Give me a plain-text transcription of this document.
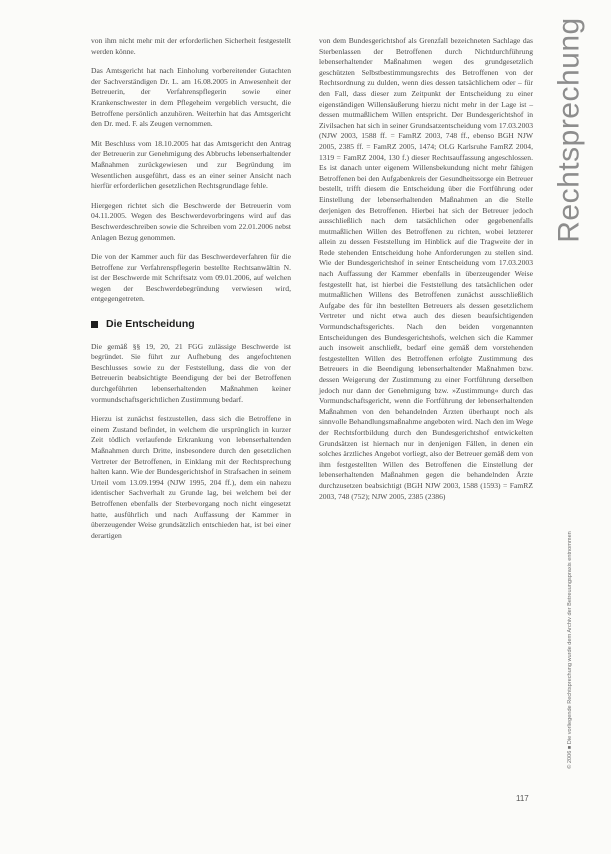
Rechtsprechung

von ihm nicht mehr mit der erforderlichen Sicherheit festgestellt werden könne.

Das Amtsgericht hat nach Einholung vorbereitender Gutachten der Sachverständigen Dr. L. am 16.08.2005 in Anwesenheit der Betreuerin, der Verfahrenspflegerin sowie einer Krankenschwester in dem Pflegeheim vergeblich versucht, die Betroffene persönlich anzuhören. Weiterhin hat das Amtsgericht den Dr. med. F. als Zeugen vernommen.

Mit Beschluss vom 18.10.2005 hat das Amtsgericht den Antrag der Betreuerin zur Genehmigung des Abbruchs lebenserhaltender Maßnahmen zurückgewiesen und zur Begründung im Wesentlichen ausgeführt, dass es an einer seiner Ansicht nach hierfür erforderlichen gesetzlichen Rechtsgrundlage fehle.

Hiergegen richtet sich die Beschwerde der Betreuerin vom 04.11.2005. Wegen des Beschwerdevorbringens wird auf das Beschwerdeschreiben sowie die Schreiben vom 22.01.2006 nebst Anlagen Bezug genommen.

Die von der Kammer auch für das Beschwerdeverfahren für die Betroffene zur Verfahrenspflegerin bestellte Rechtsanwältin N. ist der Beschwerde mit Schriftsatz vom 09.01.2006, auf welchen wegen der Beschwerdebegründung verwiesen wird, entgegengetreten.

Die Entscheidung

Die gemäß §§ 19, 20, 21 FGG zulässige Beschwerde ist begründet. Sie führt zur Aufhebung des angefochtenen Beschlusses sowie zu der Feststellung, dass die von der Betreuerin beabsichtigte Beendigung der bei der Betroffenen durchgeführten lebenserhaltenden Maßnahmen keiner vormundschaftsgerichtlichen Zustimmung bedarf.

Hierzu ist zunächst festzustellen, dass sich die Betroffene in einem Zustand befindet, in welchem die ursprünglich in kurzer Zeit tödlich verlaufende Erkrankung von lebenserhaltenden Maßnahmen durch Dritte, insbesondere durch den gesetzlichen Vertreter der Betroffenen, in Einklang mit der Rechtsprechung halten kann. Wie der Bundesgerichtshof in Strafsachen in seinem Urteil vom 13.09.1994 (NJW 1995, 204 ff.), dem ein nahezu identischer Sachverhalt zu Grunde lag, bei welchem bei der Betroffenen ebenfalls der Sterbevorgang noch nicht eingesetzt hatte, ausführlich und nach Auffassung der Kammer in überzeugender Weise grundsätzlich entschieden hat, ist bei einer derartigen

von dem Bundesgerichtshof als Grenzfall bezeichneten Sachlage das Sterbenlassen der Betroffenen durch Nichtdurchführung lebenserhaltender Maßnahmen wegen des grundgesetzlich geschützten Selbstbestimmungsrechts des Betroffenen von der Rechtsordnung zu dulden, wenn dies dessen tatsächlichem oder – für den Fall, dass dieser zum Zeitpunkt der Entscheidung zu einer eigenständigen Willensäußerung hierzu nicht mehr in der Lage ist – dessen mutmaßlichem Willen entspricht. Der Bundesgerichtshof in Zivilsachen hat sich in seiner Grundsatzentscheidung vom 17.03.2003 (NJW 2003, 1588 ff. = FamRZ 2003, 748 ff., ebenso BGH NJW 2005, 2385 ff. = FamRZ 2005, 1474; OLG Karlsruhe FamRZ 2004, 1319 = FamRZ 2004, 130 f.) dieser Rechtsauffassung angeschlossen. Es ist danach unter eigenem Willensbekundung nicht mehr fähigen Betroffenen bei den Aufgabenkreis der Gesundheitssorge ein Betreuer bestellt, trifft diesem die Entscheidung über die Fortführung oder Einstellung der lebenserhaltenden Maßnahmen an die Stelle derjenigen des Betroffenen. Hierbei hat sich der Betreuer jedoch ausschließlich nach dem tatsächlichen oder gegebenenfalls mutmaßlichen Willen des Betroffenen zu richten, wobei letzterer allein zu dessen Feststellung im Hinblick auf die Tragweite der in Rede stehenden Entscheidung hohe Anforderungen zu stellen sind. Wie der Bundesgerichtshof in seiner Entscheidung vom 17.03.2003 nach Auffassung der Kammer ebenfalls in überzeugender Weise festgestellt hat, ist hierbei die Feststellung des tatsächlichen oder mutmaßlichen Willens des Betroffenen zunächst ausschließlich Aufgabe des für ihn bestellten Betreuers als dessen gesetzlichem Vertreter und nicht etwa auch des diesen beaufsichtigenden Vormundschaftsgerichts. Nach den beiden vorgenannten Entscheidungen des Bundesgerichtshofs, welchen sich die Kammer auch insoweit anschließt, bedarf eine gemäß dem vorstehenden festgestellten Willen des Betroffenen erfolgte Zustimmung des Betreuers in die Beendigung lebenserhaltender Maßnahmen bzw. dessen Weigerung der Zustimmung zu einer Fortführung derselben jedoch nur dann der Genehmigung bzw. »Zustimmung« durch das Vormundschaftsgericht, wenn die Fortführung der lebenserhaltenden Maßnahmen von den behandelnden Ärzten überhaupt noch als sinnvolle Behandlungsmaßnahme angeboten wird. Nach den im Wege der Rechtsfortbildung durch den Bundesgerichtshof entwickelten Grundsätzen ist hiernach nur in denjenigen Fällen, in denen ein solches ärztliches Angebot vorliegt, also der Betreuer gemäß dem von ihm festgestellten Willen des Betroffenen die Einstellung der lebenserhaltenden Maßnahmen gegen die behandelnden Ärzte durchzusetzen beabsichtigt (BGH NJW 2003, 1588 (1593) = FamRZ 2003, 748 (752); NJW 2005, 2385 (2386)

© 2006 ■ Die vorliegende Rechtsprechung wurde dem Archiv der Betreuungspraxis entnommen
117
